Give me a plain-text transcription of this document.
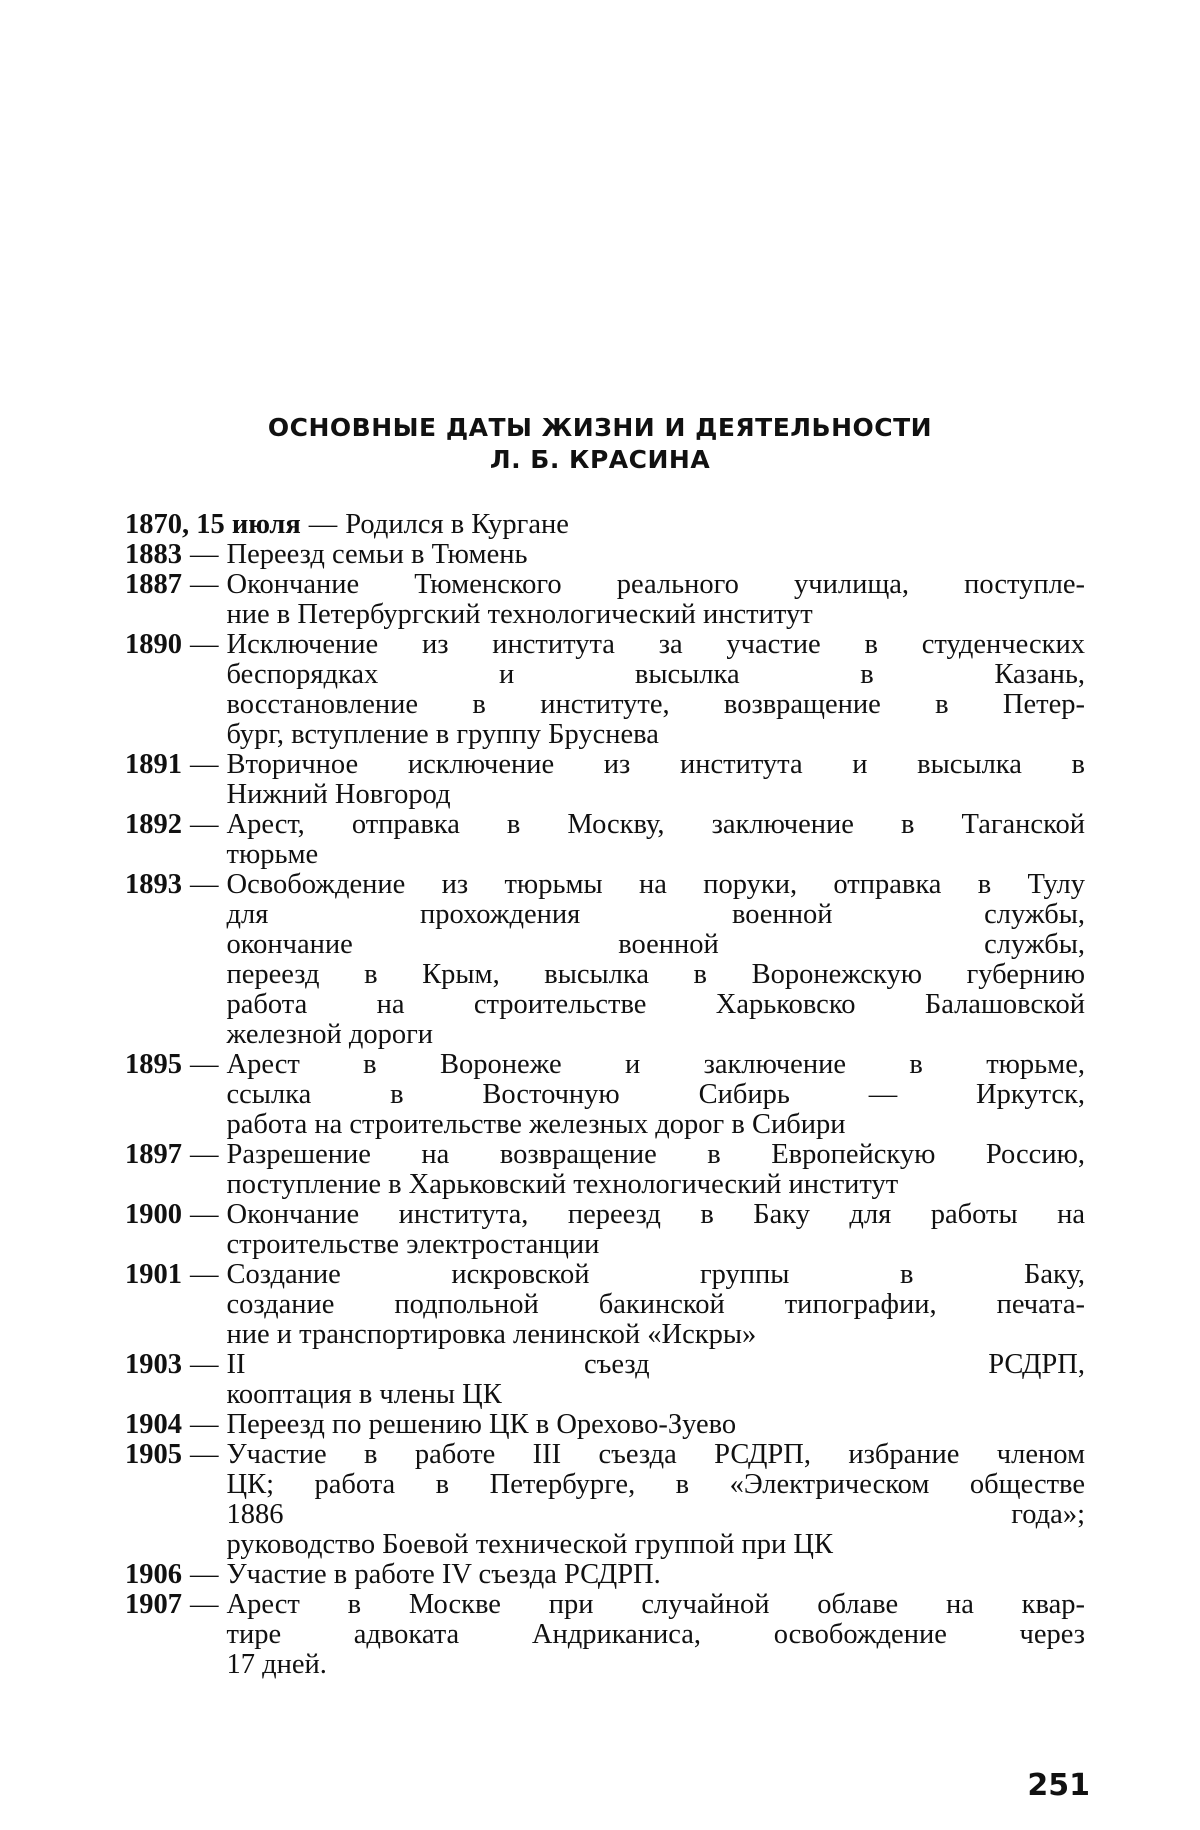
ОСНОВНЫЕ ДАТЫ ЖИЗНИ И ДЕЯТЕЛЬНОСТИ
Л. Б. КРАСИНА
1870, 15 июля — Родился в Кургане
1883 — Переезд семьи в Тюмень
1887 — Окончание Тюменского реального училища, поступле-
ние в Петербургский технологический институт
1890 — Исключение из института за участие в студенческих
беспорядках и высылка в Казань,
восстановление в институте, возвращение в Петер-
бург, вступление в группу Бруснева
1891 — Вторичное исключение из института и высылка в
Нижний Новгород
1892 — Арест, отправка в Москву, заключение в Таганской
тюрьме
1893 — Освобождение из тюрьмы на поруки, отправка в Тулу
для прохождения военной службы,
окончание военной службы,
переезд в Крым, высылка в Воронежскую губернию
работа на строительстве Харьковско Балашовской
железной дороги
1895 — Арест в Воронеже и заключение в тюрьме,
ссылка в Восточную Сибирь — Иркутск,
работа на строительстве железных дорог в Сибири
1897 — Разрешение на возвращение в Европейскую Россию,
поступление в Харьковский технологический институт
1900 — Окончание института, переезд в Баку для работы на
строительстве электростанции
1901 — Создание искровской группы в Баку,
создание подпольной бакинской типографии, печата-
ние и транспортировка ленинской «Искры»
1903 — II съезд РСДРП,
кооптация в члены ЦК
1904 — Переезд по решению ЦК в Орехово-Зуево
1905 — Участие в работе III съезда РСДРП, избрание членом
ЦК; работа в Петербурге, в «Электрическом обществе
1886 года»;
руководство Боевой технической группой при ЦК
1906 — Участие в работе IV съезда РСДРП.
1907 — Арест в Москве при случайной облаве на квар-
тире адвоката Андриканиса, освобождение через
17 дней.
251
